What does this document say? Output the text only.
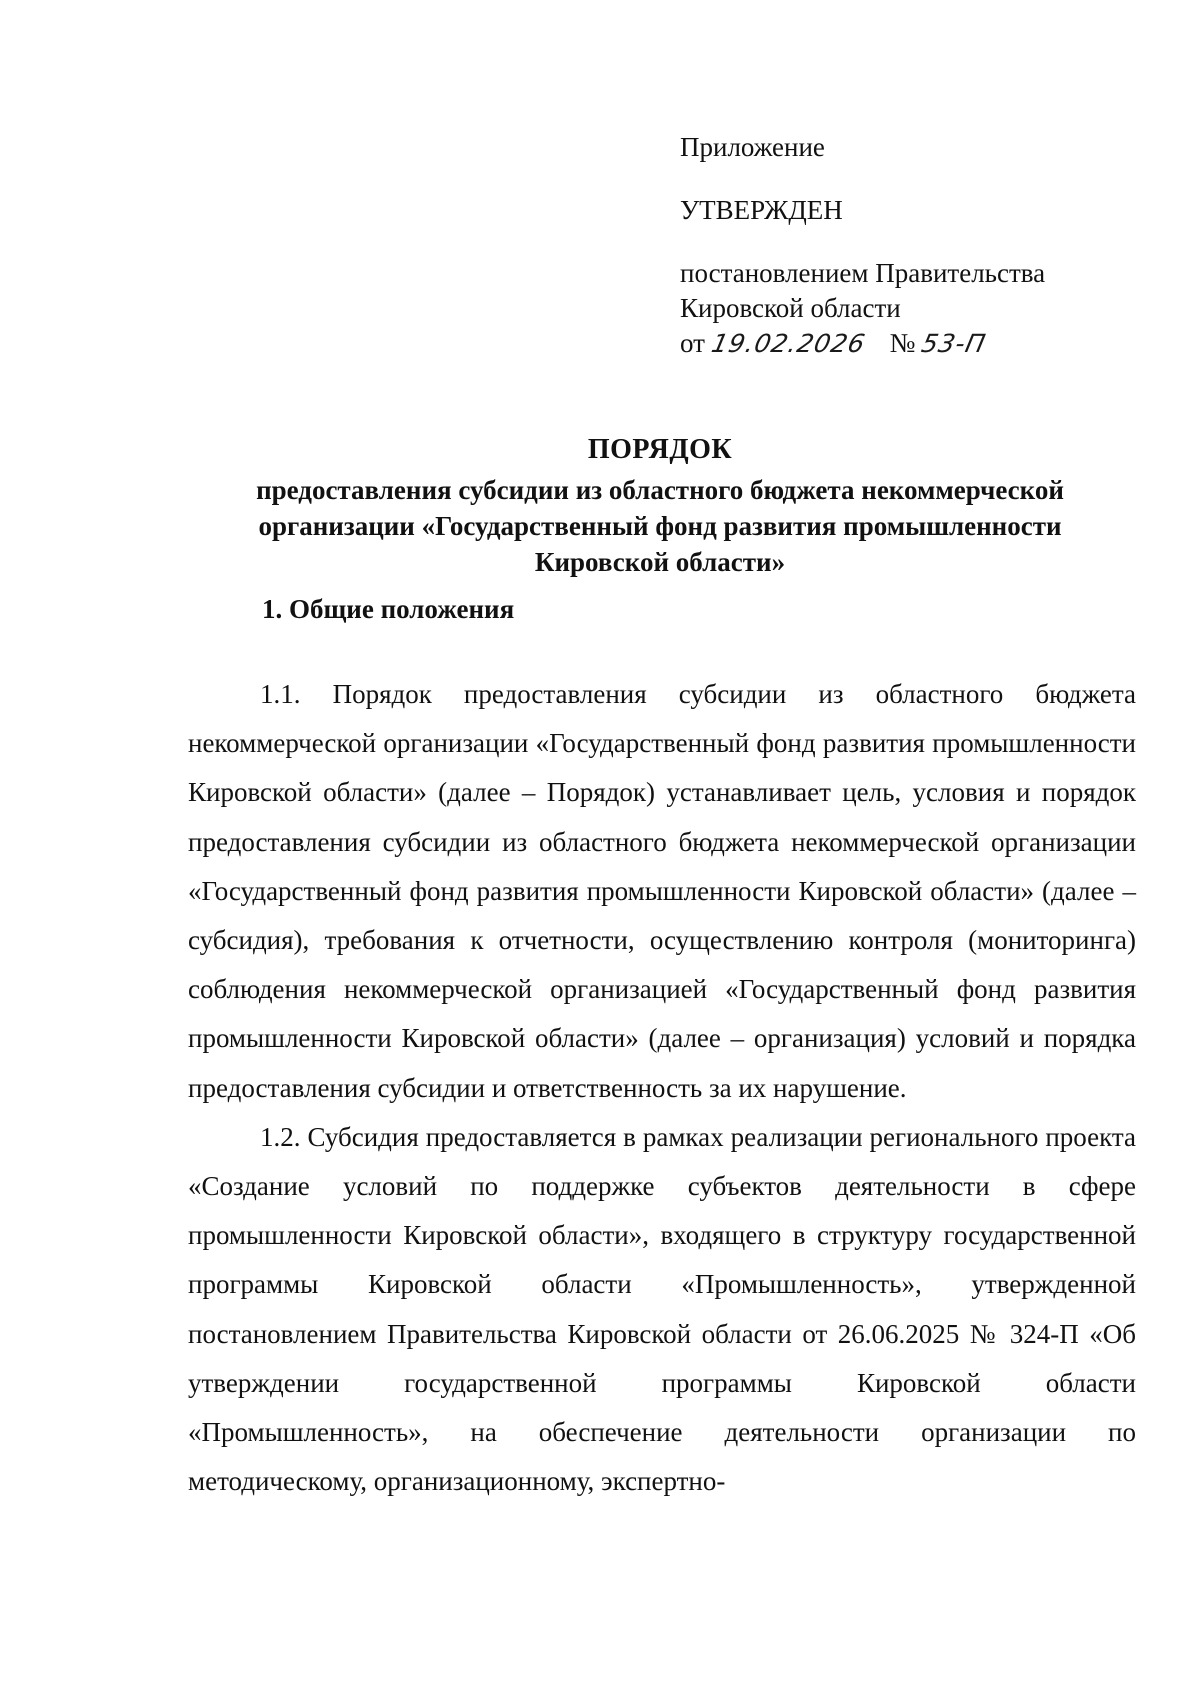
Приложение
УТВЕРЖДЕН
постановлением Правительства
Кировской области
от 19.02.2026 № 53-П
ПОРЯДОК
предоставления субсидии из областного бюджета некоммерческой
организации «Государственный фонд развития промышленности
Кировской области»
1. Общие положения

1.1. Порядок предоставления субсидии из областного бюджета некоммерческой организации «Государственный фонд развития промышленности Кировской области» (далее – Порядок) устанавливает цель, условия и порядок предоставления субсидии из областного бюджета некоммерческой организации «Государственный фонд развития промышленности Кировской области» (далее – субсидия), требования к отчетности, осуществлению контроля (мониторинга) соблюдения некоммерческой организацией «Государственный фонд развития промышленности Кировской области» (далее – организация) условий и порядка предоставления субсидии и ответственность за их нарушение.

1.2. Субсидия предоставляется в рамках реализации регионального проекта «Создание условий по поддержке субъектов деятельности в сфере промышленности Кировской области», входящего в структуру государственной программы Кировской области «Промышленность», утвержденной постановлением Правительства Кировской области от 26.06.2025 № 324-П «Об утверждении государственной программы Кировской области «Промышленность», на обеспечение деятельности организации по методическому, организационному, экспертно-
